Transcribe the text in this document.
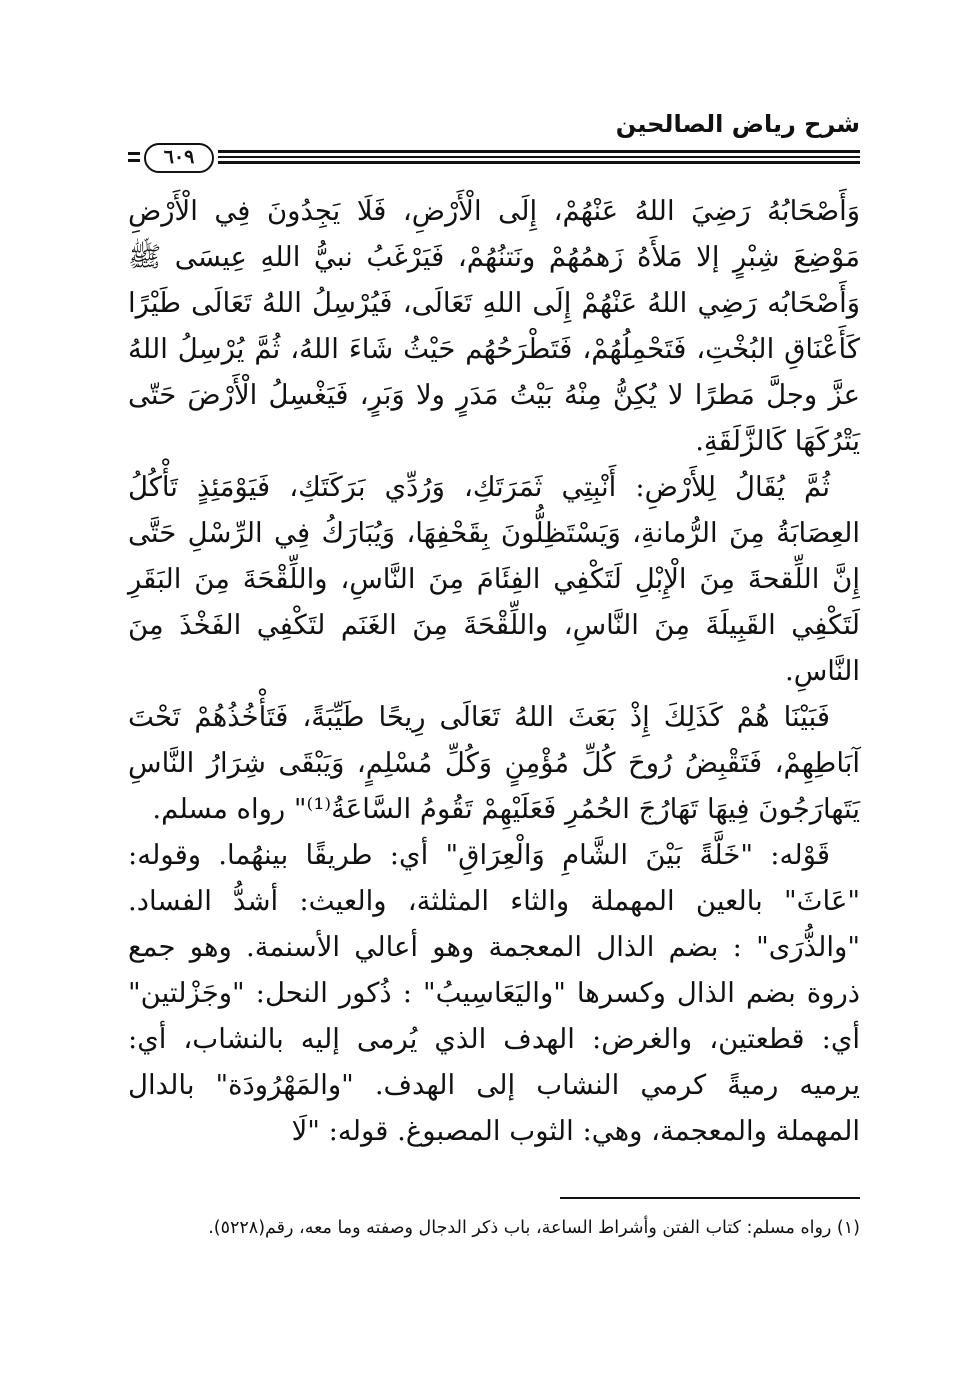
شرح رياض الصالحين
٦٠٩

وَأَصْحَابُهُ رَضِيَ اللهُ عَنْهُمْ، إِلَى الْأَرْضِ، فَلَا يَجِدُونَ فِي الْأَرْضِ مَوْضِعَ شِبْرٍ إلا مَلأَهُ زَهمُهُمْ ونَتنُهُمْ، فَيَرْغَبُ نبيُّ اللهِ عِيسَى ﷺ وَأَصْحَابُه رَضِي اللهُ عَنْهُمْ إِلَى اللهِ تَعَالَى، فَيُرْسِلُ اللهُ تَعَالَى طَيْرًا كَأَعْنَاقِ البُخْتِ، فَتَحْمِلُهُمْ، فَتَطْرَحُهُم حَيْثُ شَاءَ اللهُ، ثُمَّ يُرْسِلُ اللهُ عزَّ وجلَّ مَطرًا لا يُكِنُّ مِنْهُ بَيْتُ مَدَرٍ ولا وَبَرٍ، فَيَغْسِلُ الْأَرْضَ حَتّى يَتْرُكَهَا كَالزَّلَقَةِ.

ثُمَّ يُقَالُ لِلأَرْضِ: أَنْبِتِي ثَمَرَتَكِ، وَرُدِّي بَرَكَتَكِ، فَيَوْمَئِذٍ تَأْكُلُ العِصَابَةُ مِنَ الرُّمانةِ، وَيَسْتَظِلُّونَ بِقَحْفِهَا، وَيُبَارَكُ فِي الرِّسْلِ حَتَّى إِنَّ اللِّقحةَ مِنَ الْإِبْلِ لَتَكْفِي الفِئَامَ مِنَ النَّاسِ، واللِّقْحَةَ مِنَ البَقَرِ لَتَكْفِي القَبِيلَةَ مِنَ النَّاسِ، واللِّقْحَةَ مِنَ الغَنَم لتَكْفِي الفَخْذَ مِنَ النَّاسِ.

فَبَيْنَا هُمْ كَذَلِكَ إِذْ بَعَثَ اللهُ تَعَالَى رِيحًا طَيِّبَةً، فَتَأْخُذُهُمْ تَحْتَ آبَاطِهِمْ، فَتَقْبِضُ رُوحَ كُلِّ مُؤْمِنٍ وَكُلِّ مُسْلِمٍ، وَيَبْقَى شِرَارُ النَّاسِ يَتَهارَجُونَ فِيهَا تَهَارُجَ الحُمُرِ فَعَلَيْهِمْ تَقُومُ السَّاعَةُ⁽¹⁾" رواه مسلم.

قَوْله: "خَلَّةً بَيْنَ الشَّامِ وَالْعِرَاقِ" أي: طريقًا بينهُما. وقوله: "عَاثَ" بالعين المهملة والثاء المثلثة، والعيث: أشدُّ الفساد. "والذُّرَى" : بضم الذال المعجمة وهو أعالي الأسنمة. وهو جمع ذروة بضم الذال وكسرها "واليَعَاسِيبُ" : ذُكور النحل: "وجَزْلتين" أي: قطعتين، والغرض: الهدف الذي يُرمى إليه بالنشاب، أي: يرميه رميةً كرمي النشاب إلى الهدف. "والمَهْرُودَة" بالدال المهملة والمعجمة، وهي: الثوب المصبوغ. قوله: "لَا

(١) رواه مسلم: كتاب الفتن وأشراط الساعة، باب ذكر الدجال وصفته وما معه، رقم(٥٢٢٨).
